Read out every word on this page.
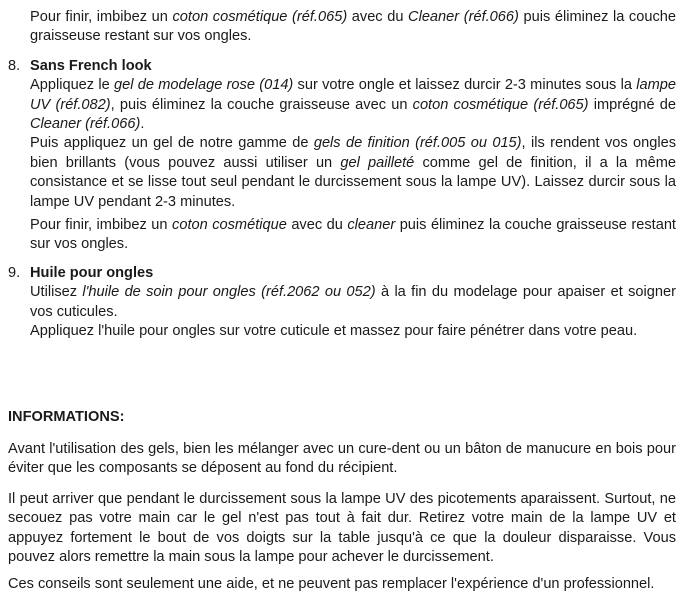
Pour finir, imbibez un coton cosmétique (réf.065) avec du Cleaner (réf.066) puis éliminez la couche graisseuse restant sur vos ongles.

8. Sans French look

Appliquez le gel de modelage rose (014) sur votre ongle et laissez durcir 2-3 minutes sous la lampe UV (réf.082), puis éliminez la couche graisseuse avec un coton cosmétique (réf.065) imprégné de Cleaner (réf.066).

Puis appliquez un gel de notre gamme de gels de finition (réf.005 ou 015), ils rendent vos ongles bien brillants (vous pouvez aussi utiliser un gel pailleté comme gel de finition, il a la même consistance et se lisse tout seul pendant le durcissement sous la lampe UV). Laissez durcir sous la lampe UV pendant 2-3 minutes.

Pour finir, imbibez un coton cosmétique avec du cleaner puis éliminez la couche graisseuse restant sur vos ongles.

9. Huile pour ongles

Utilisez l'huile de soin pour ongles (réf.2062 ou 052) à la fin du modelage pour apaiser et soigner vos cuticules.

Appliquez l'huile pour ongles sur votre cuticule et massez pour faire pénétrer dans votre peau.

INFORMATIONS:

Avant l'utilisation des gels, bien les mélanger avec un cure-dent ou un bâton de manucure en bois pour éviter que les composants se déposent au fond du récipient.

Il peut arriver que pendant le durcissement sous la lampe UV des picotements aparaissent. Surtout, ne secouez pas votre main car le gel n'est pas tout à fait dur. Retirez votre main de la lampe UV et appuyez fortement le bout de vos doigts sur la table jusqu'à ce que la douleur disparaisse. Vous pouvez alors remettre la main sous la lampe pour achever le durcissement.

Ces conseils sont seulement une aide, et ne peuvent pas remplacer l'expérience d'un professionnel.
